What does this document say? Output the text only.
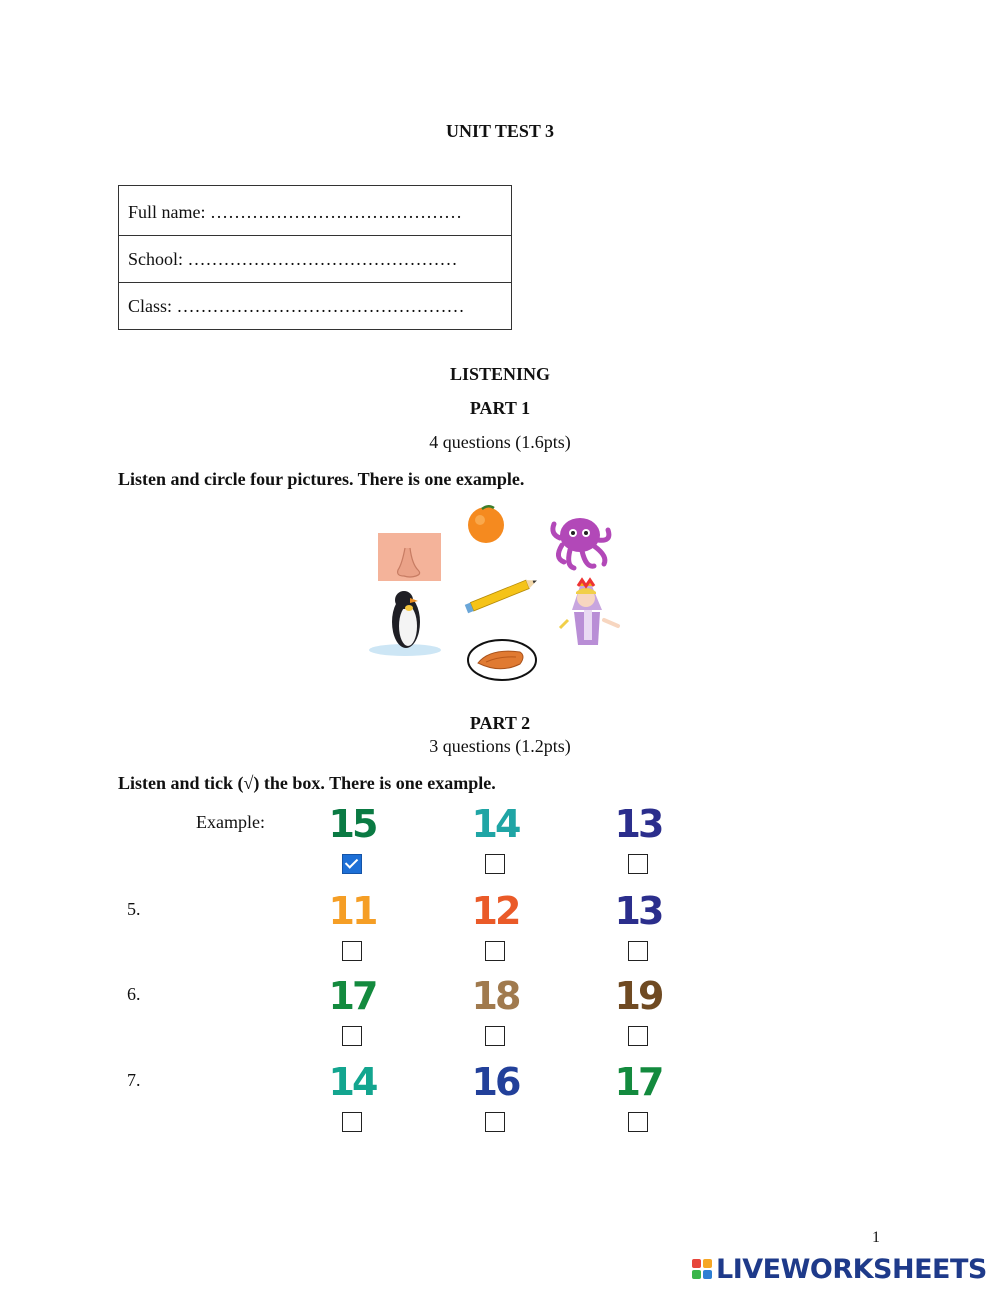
UNIT TEST 3
Full name: ……………………………………
School: ………………………………………
Class: …………………………………………
LISTENING
PART 1
4 questions (1.6pts)
Listen and circle four pictures. There is one example.
PART 2
3 questions (1.2pts)
Listen and tick (√) the box. There is one example.
Example:	15	14	13
5.	11	12	13
6.	17	18	19
7.	14	16	17
1
LIVEWORKSHEETS
